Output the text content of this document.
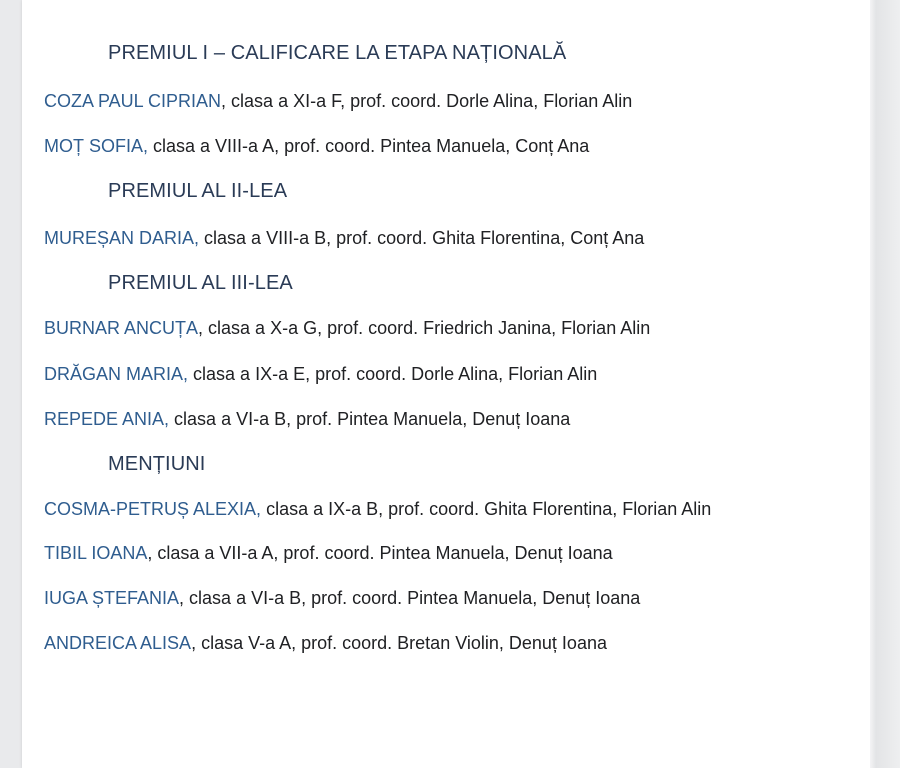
PREMIUL I – CALIFICARE LA ETAPA NAȚIONALĂ
COZA PAUL CIPRIAN, clasa a XI-a F, prof. coord. Dorle Alina, Florian Alin
MOȚ SOFIA, clasa a VIII-a A, prof. coord. Pintea Manuela, Conț Ana
PREMIUL AL II-LEA
MUREȘAN DARIA, clasa a VIII-a B, prof. coord. Ghita Florentina, Conț Ana
PREMIUL AL III-LEA
BURNAR ANCUȚA, clasa a X-a G, prof. coord. Friedrich Janina, Florian Alin
DRĂGAN MARIA, clasa a IX-a E, prof. coord. Dorle Alina, Florian Alin
REPEDE ANIA, clasa a VI-a B, prof. Pintea Manuela, Denuț Ioana
MENȚIUNI
COSMA-PETRUȘ ALEXIA, clasa a IX-a B, prof. coord. Ghita Florentina, Florian Alin
TIBIL IOANA, clasa a VII-a A, prof. coord. Pintea Manuela, Denuț Ioana
IUGA ȘTEFANIA, clasa a VI-a B, prof. coord. Pintea Manuela, Denuț Ioana
ANDREICA ALISA, clasa V-a A, prof. coord. Bretan Violin, Denuț Ioana
